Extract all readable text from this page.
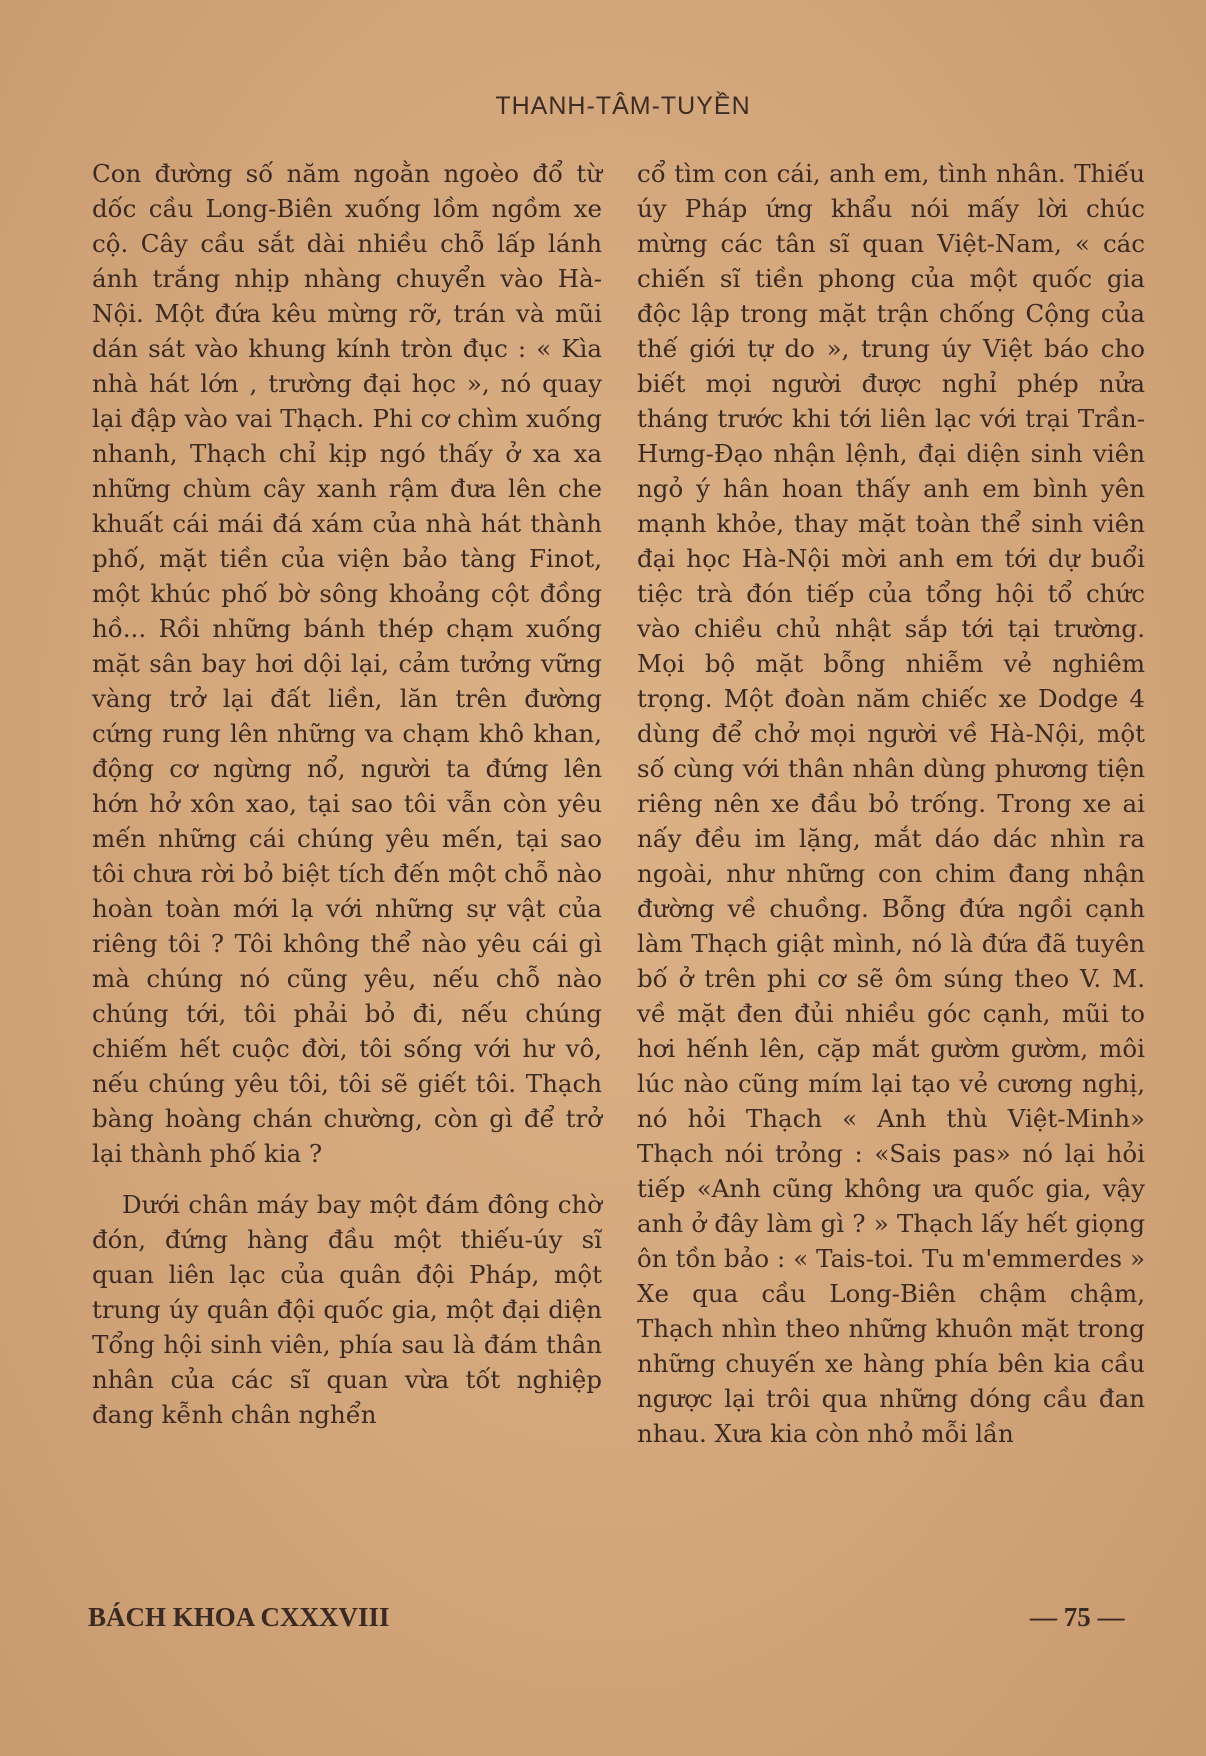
THANH-TÂM-TUYỀN

Con đường số năm ngoằn ngoèo đổ từ dốc cầu Long-Biên xuống lồm ngồm xe cộ. Cây cầu sắt dài nhiều chỗ lấp lánh ánh trắng nhịp nhàng chuyển vào Hà-Nội. Một đứa kêu mừng rỡ, trán và mũi dán sát vào khung kính tròn đục : « Kìa nhà hát lớn , trường đại học », nó quay lại đập vào vai Thạch. Phi cơ chìm xuống nhanh, Thạch chỉ kịp ngó thấy ở xa xa những chùm cây xanh rậm đưa lên che khuất cái mái đá xám của nhà hát thành phố, mặt tiền của viện bảo tàng Finot, một khúc phố bờ sông khoảng cột đồng hồ... Rồi những bánh thép chạm xuống mặt sân bay hơi dội lại, cảm tưởng vững vàng trở lại đất liền, lăn trên đường cứng rung lên những va chạm khô khan, động cơ ngừng nổ, người ta đứng lên hớn hở xôn xao, tại sao tôi vẫn còn yêu mến những cái chúng yêu mến, tại sao tôi chưa rời bỏ biệt tích đến một chỗ nào hoàn toàn mới lạ với những sự vật của riêng tôi ? Tôi không thể nào yêu cái gì mà chúng nó cũng yêu, nếu chỗ nào chúng tới, tôi phải bỏ đi, nếu chúng chiếm hết cuộc đời, tôi sống với hư vô, nếu chúng yêu tôi, tôi sẽ giết tôi. Thạch bàng hoàng chán chường, còn gì để trở lại thành phố kia ?

Dưới chân máy bay một đám đông chờ đón, đứng hàng đầu một thiếu-úy sĩ quan liên lạc của quân đội Pháp, một trung úy quân đội quốc gia, một đại diện Tổng hội sinh viên, phía sau là đám thân nhân của các sĩ quan vừa tốt nghiệp đang kễnh chân nghển

cổ tìm con cái, anh em, tình nhân. Thiếu úy Pháp ứng khẩu nói mấy lời chúc mừng các tân sĩ quan Việt-Nam, « các chiến sĩ tiền phong của một quốc gia độc lập trong mặt trận chống Cộng của thế giới tự do », trung úy Việt báo cho biết mọi người được nghỉ phép nửa tháng trước khi tới liên lạc với trại Trần-Hưng-Đạo nhận lệnh, đại diện sinh viên ngỏ ý hân hoan thấy anh em bình yên mạnh khỏe, thay mặt toàn thể sinh viên đại học Hà-Nội mời anh em tới dự buổi tiệc trà đón tiếp của tổng hội tổ chức vào chiều chủ nhật sắp tới tại trường. Mọi bộ mặt bỗng nhiễm vẻ nghiêm trọng. Một đoàn năm chiếc xe Dodge 4 dùng để chở mọi người về Hà-Nội, một số cùng với thân nhân dùng phương tiện riêng nên xe đầu bỏ trống. Trong xe ai nấy đều im lặng, mắt dáo dác nhìn ra ngoài, như những con chim đang nhận đường về chuồng. Bỗng đứa ngồi cạnh làm Thạch giật mình, nó là đứa đã tuyên bố ở trên phi cơ sẽ ôm súng theo V. M. về mặt đen đủi nhiều góc cạnh, mũi to hơi hếnh lên, cặp mắt gườm gườm, môi lúc nào cũng mím lại tạo vẻ cương nghị, nó hỏi Thạch « Anh thù Việt-Minh» Thạch nói trỏng : «Sais pas» nó lại hỏi tiếp «Anh cũng không ưa quốc gia, vậy anh ở đây làm gì ? » Thạch lấy hết giọng ôn tồn bảo : « Tais-toi. Tu m'emmerdes » Xe qua cầu Long-Biên chậm chậm, Thạch nhìn theo những khuôn mặt trong những chuyến xe hàng phía bên kia cầu ngược lại trôi qua những dóng cầu đan nhau. Xưa kia còn nhỏ mỗi lần

BÁCH KHOA CXXXVIII	— 75 —
